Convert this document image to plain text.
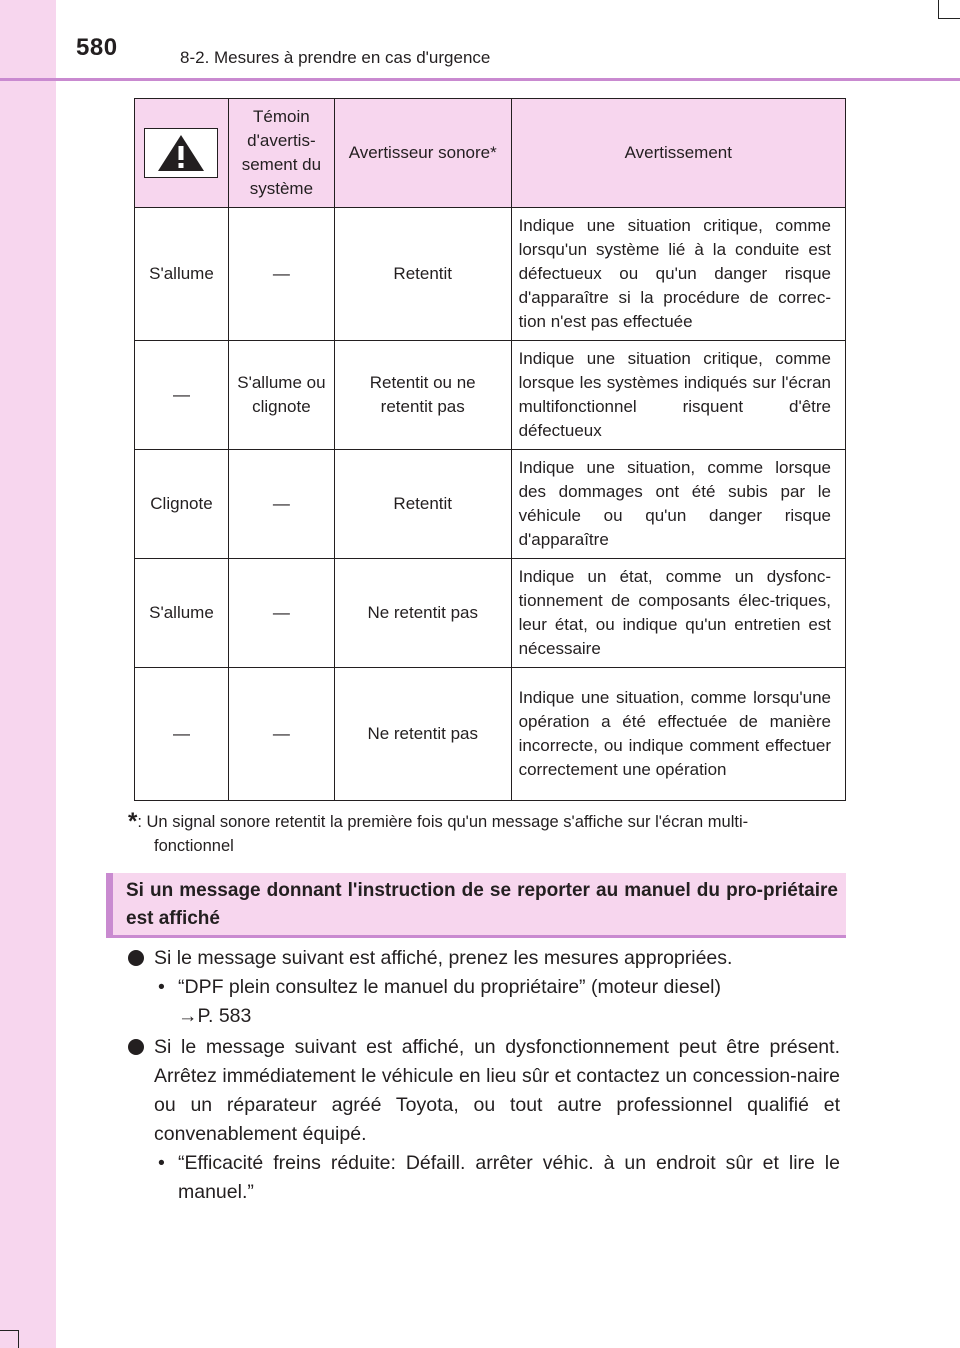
580	8-2. Mesures à prendre en cas d'urgence
	Témoin d'avertis-sement du système	Avertisseur sonore*	Avertissement
S'allume	—	Retentit	Indique une situation critique, comme lorsqu'un système lié à la conduite est défectueux ou qu'un danger risque d'apparaître si la procédure de correc-tion n'est pas effectuée
—	S'allume ou clignote	Retentit ou ne retentit pas	Indique une situation critique, comme lorsque les systèmes indiqués sur l'écran multifonctionnel risquent d'être défectueux
Clignote	—	Retentit	Indique une situation, comme lorsque des dommages ont été subis par le véhicule ou qu'un danger risque d'apparaître
S'allume	—	Ne retentit pas	Indique un état, comme un dysfonc-tionnement de composants élec-triques, leur état, ou indique qu'un entretien est nécessaire
—	—	Ne retentit pas	Indique une situation, comme lorsqu'une opération a été effectuée de manière incorrecte, ou indique comment effectuer correctement une opération
*: Un signal sonore retentit la première fois qu'un message s'affiche sur l'écran multi-
fonctionnel
Si un message donnant l'instruction de se reporter au manuel du pro-priétaire est affiché
Si le message suivant est affiché, prenez les mesures appropriées.
• “DPF plein consultez le manuel du propriétaire” (moteur diesel)
→P. 583
Si le message suivant est affiché, un dysfonctionnement peut être présent. Arrêtez immédiatement le véhicule en lieu sûr et contactez un concession-naire ou un réparateur agréé Toyota, ou tout autre professionnel qualifié et convenablement équipé.
• “Efficacité freins réduite: Défaill. arrêter véhic. à un endroit sûr et lire le manuel.”
